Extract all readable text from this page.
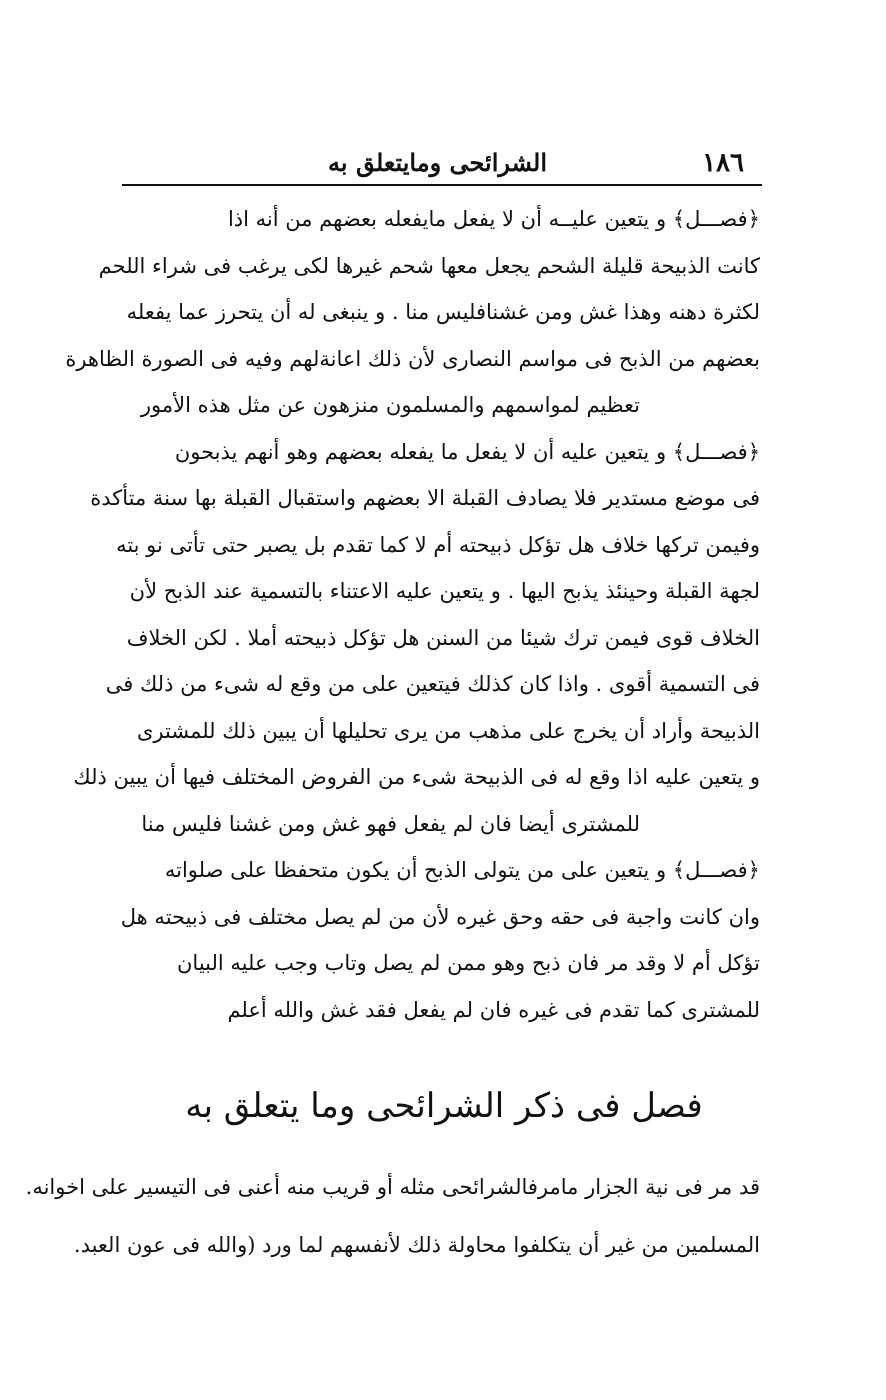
١٨٦
الشرائحى ومايتعلق به
﴿فصـــل﴾ و يتعين عليــه أن لا يفعل مايفعله بعضهم من أنه اذا
كانت الذبيحة قليلة الشحم يجعل معها شحم غيرها لكى يرغب فى شراء اللحم
لكثرة دهنه وهذا غش ومن غشنافليس منا . و ينبغى له أن يتحرز عما يفعله
بعضهم من الذبح فى مواسم النصارى لأن ذلك اعانةلهم وفيه فى الصورة الظاهرة
تعظيم لمواسمهم والمسلمون منزهون عن مثل هذه الأمور
﴿فصـــل﴾ و يتعين عليه أن لا يفعل ما يفعله بعضهم وهو أنهم يذبحون
فى موضع مستدير فلا يصادف القبلة الا بعضهم واستقبال القبلة بها سنة متأكدة
وفيمن تركها خلاف هل تؤكل ذبيحته أم لا كما تقدم بل يصبر حتى تأتى نو بته
لجهة القبلة وحينئذ يذبح اليها . و يتعين عليه الاعتناء بالتسمية عند الذبح لأن
الخلاف قوى فيمن ترك شيئا من السنن هل تؤكل ذبيحته أملا . لكن الخلاف
فى التسمية أقوى . واذا كان كذلك فيتعين على من وقع له شىء من ذلك فى
الذبيحة وأراد أن يخرج على مذهب من يرى تحليلها أن يبين ذلك للمشترى
و يتعين عليه اذا وقع له فى الذبيحة شىء من الفروض المختلف فيها أن يبين ذلك
للمشترى أيضا فان لم يفعل فهو غش ومن غشنا فليس منا
﴿فصـــل﴾ و يتعين على من يتولى الذبح أن يكون متحفظا على صلواته
وان كانت واجبة فى حقه وحق غيره لأن من لم يصل مختلف فى ذبيحته هل
تؤكل أم لا وقد مر فان ذبح وهو ممن لم يصل وتاب وجب عليه البيان
للمشترى كما تقدم فى غيره فان لم يفعل فقد غش والله أعلم
فصل فى ذكر الشرائحى وما يتعلق به
قد مر فى نية الجزار مامرفالشرائحى مثله أو قريب منه أعنى فى التيسير على اخوانه.
المسلمين من غير أن يتكلفوا محاولة ذلك لأنفسهم لما ورد (والله فى عون العبد.
